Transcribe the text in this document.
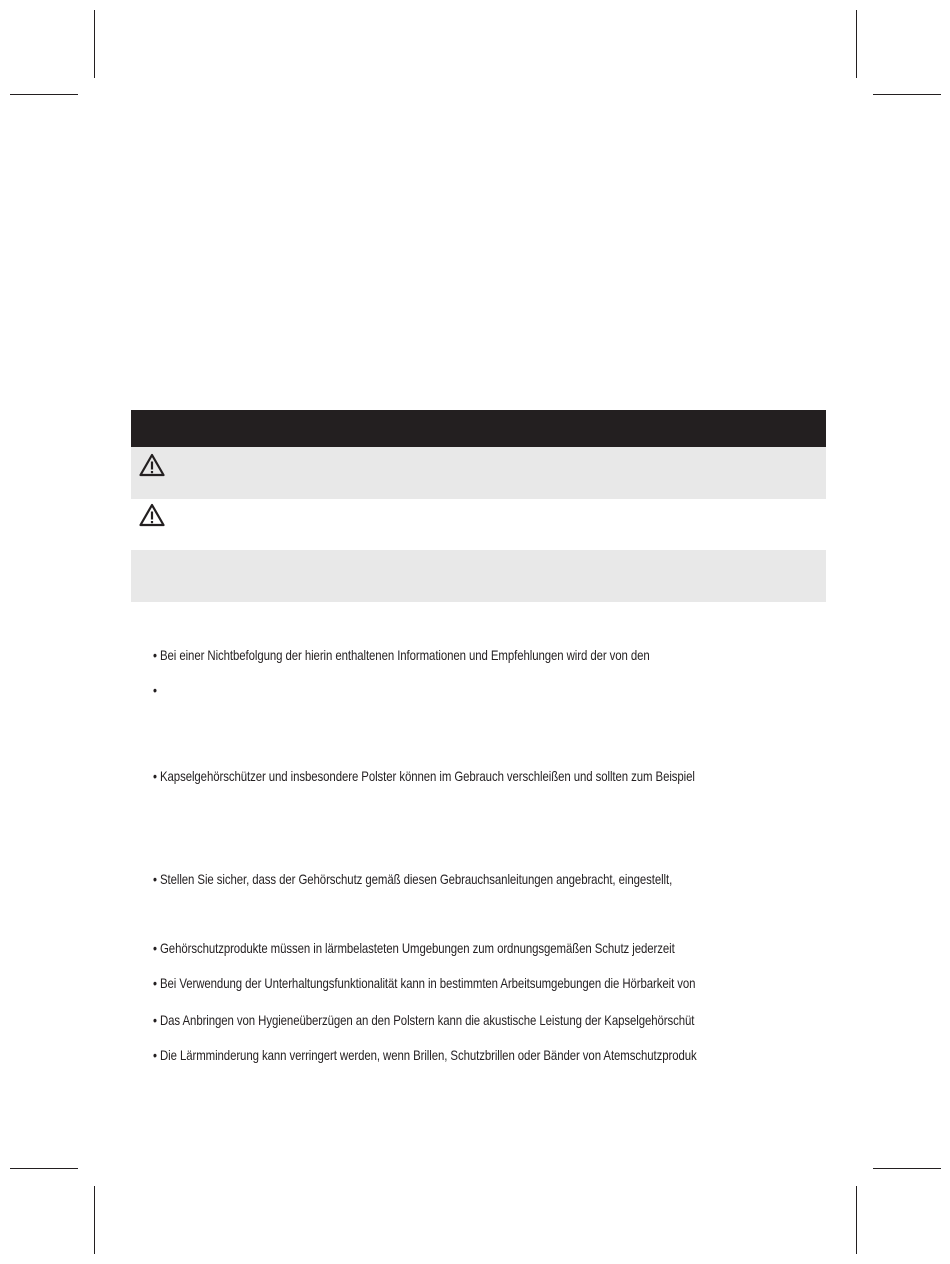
• Bei einer Nichtbefolgung der hierin enthaltenen Informationen und Empfehlungen wird der von den
•
• Kapselgehörschützer und insbesondere Polster können im Gebrauch verschleißen und sollten zum Beispiel
• Stellen Sie sicher, dass der Gehörschutz gemäß diesen Gebrauchsanleitungen angebracht, eingestellt,
• Gehörschutzprodukte müssen in lärmbelasteten Umgebungen zum ordnungsgemäßen Schutz jederzeit
• Bei Verwendung der Unterhaltungsfunktionalität kann in bestimmten Arbeitsumgebungen die Hörbarkeit von
• Das Anbringen von Hygieneüberzügen an den Polstern kann die akustische Leistung der Kapselgehörschüt
• Die Lärmminderung kann verringert werden, wenn Brillen, Schutzbrillen oder Bänder von Atemschutzproduk
